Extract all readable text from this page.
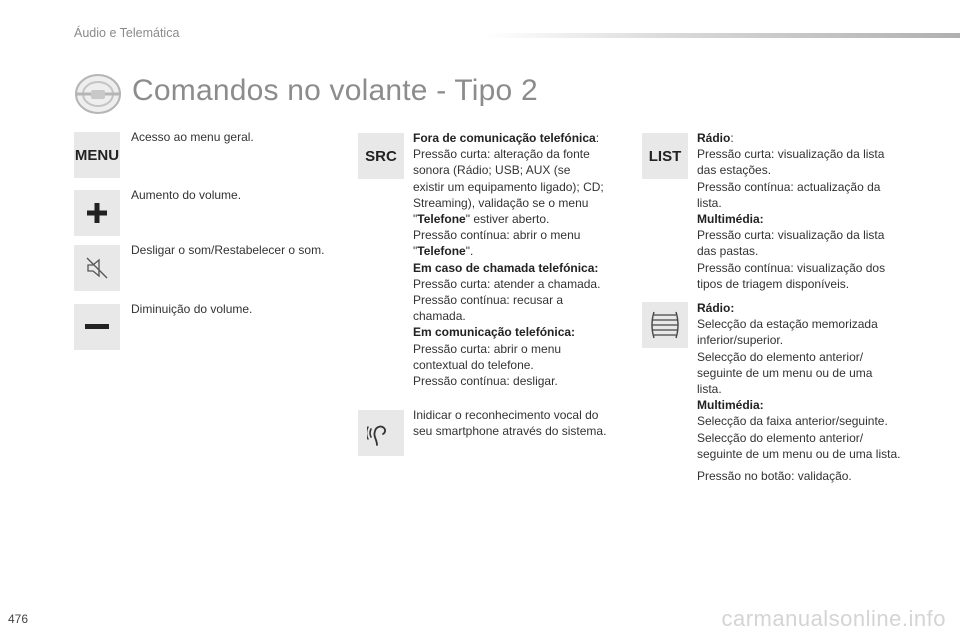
Áudio e Telemática
Comandos no volante - Tipo 2
MENU
Acesso ao menu geral.
Aumento do volume.
Desligar o som/Restabelecer o som.
Diminuição do volume.
SRC
Fora de comunicação telefónica:
Pressão curta: alteração da fonte
sonora (Rádio; USB; AUX (se
existir um equipamento ligado); CD;
Streaming), validação se o menu
"Telefone" estiver aberto.
Pressão contínua: abrir o menu
"Telefone".
Em caso de chamada telefónica:
Pressão curta: atender a chamada.
Pressão contínua: recusar a
chamada.
Em comunicação telefónica:
Pressão curta: abrir o menu
contextual do telefone.
Pressão contínua: desligar.
Inidicar o reconhecimento vocal do
seu smartphone através do sistema.
LIST
Rádio:
Pressão curta: visualização da lista
das estações.
Pressão contínua: actualização da
lista.
Multimédia:
Pressão curta: visualização da lista
das pastas.
Pressão contínua: visualização dos
tipos de triagem disponíveis.
Rádio:
Selecção da estação memorizada
inferior/superior.
Selecção do elemento anterior/
seguinte de um menu ou de uma
lista.
Multimédia:
Selecção da faixa anterior/seguinte.
Selecção do elemento anterior/
seguinte de um menu ou de uma lista.
Pressão no botão: validação.
476	carmanualsonline.info
